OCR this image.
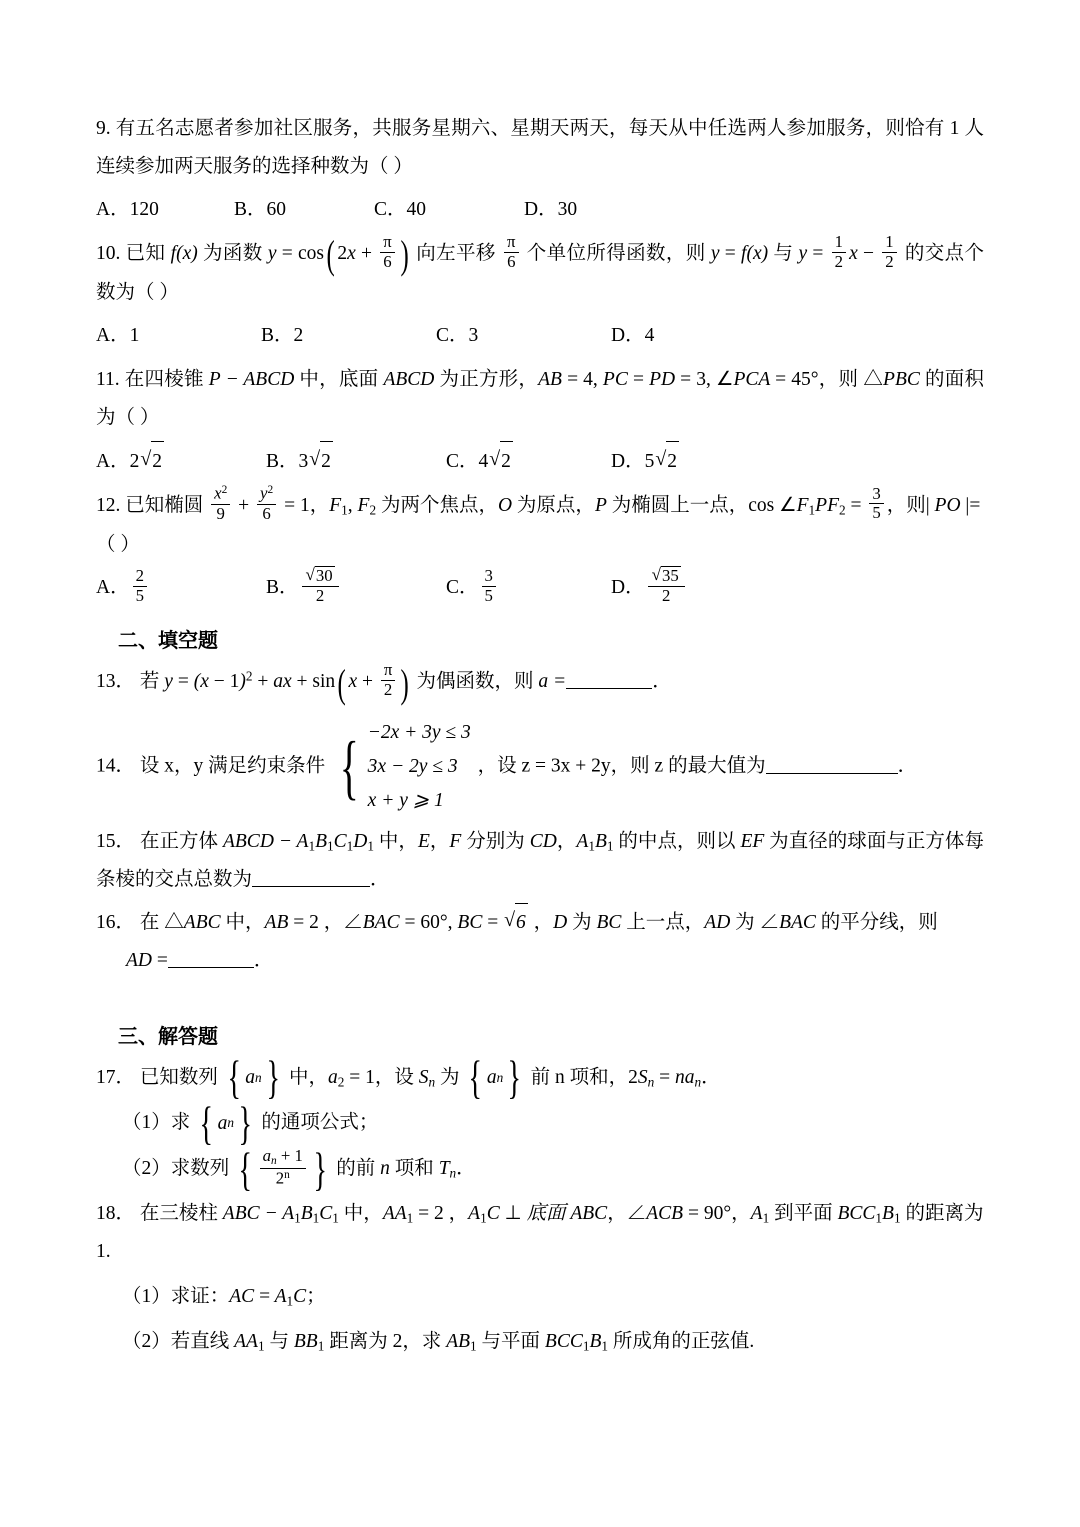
9. 有五名志愿者参加社区服务，共服务星期六、星期天两天，每天从中任选两人参加服务，则恰有 1 人连续参加两天服务的选择种数为（ ）
A．120	B．60	C．40	D．30
10. 已知 f(x) 为函数 y = cos( $2x + \frac{\pi}{6}$ ) 向左平移 $\frac{\pi}{6}$ 个单位所得函数，则 y = f(x) 与 $y = \frac{1}{2}$ $x - \frac{1}{2}$ 的交点个数为（ ）
A．1	B．2	C．3	D．4
11. 在四棱锥 P − ABCD 中，底面 ABCD 为正方形，AB = 4, PC = PD = 3, ∠PCA = 45°，则 △PBC 的面积为（ ）
A．2 √ 2	B．3 √ 2	C．4 √ 2	D．5 √ 2
12. 已知椭圆 $\frac{x^2}{9} + \frac{y^2}{6} = 1$，$F_1$, $F_2$ 为两个焦点，O 为原点，P 为椭圆上一点，$\cos \angle F_1PF_2 = \frac{3}{5}$ ，则| PO |=
（ ）
A． $\frac{2}{5}$	B． √ $\frac{30}{2}$	C． $\frac{3}{5}$	D． √ $\frac{35}{2}$
二、填空题
13． 若 $y = (x - 1)^2$ + ax + sin( $x + \frac{\pi}{2}$ ) 为偶函数，则 a =	．
14． 设 x，y 满足约束条件 { −2x + 3y ≤ 3
3x − 2y ≤ 3
x + y ⩾ 1
，设 z = 3x + 2y，则 z 的最大值为	．
15． 在正方体 ABCD − $A_1B_1C_1D_1$ 中，E，F 分别为 CD，$A_1B_1$ 的中点，则以 EF 为直径的球面与正方体每条棱的交点总数为	．
16． 在 △ABC 中，AB = 2 ，∠BAC = 60°, BC = √ 6 ，D 为 BC 上一点，AD 为 ∠BAC 的平分线，则
AD =	．
三、解答题
17． 已知数列 { a n } 中，$a_2 = 1$，设 $S_n$ 为 { a n } 前 n 项和，$2S_n = na_n$．
（1）求 { a n } 的通项公式；
（2）求数列 { $\frac{a_n + 1}{2^n}$ } 的前 n 项和 $T_n$．
18． 在三棱柱 ABC − $A_1B_1C_1$ 中，$AA_1 = 2$ ，$A_1C$ ⊥ 底面 ABC，∠ACB = 90°，$A_1$ 到平面 $BCC_1B_1$ 的距离为
1.
（1）求证：AC = $A_1C$；
（2）若直线 $AA_1$ 与 $BB_1$ 距离为 2，求 $AB_1$ 与平面 $BCC_1B_1$ 所成角的正弦值.
